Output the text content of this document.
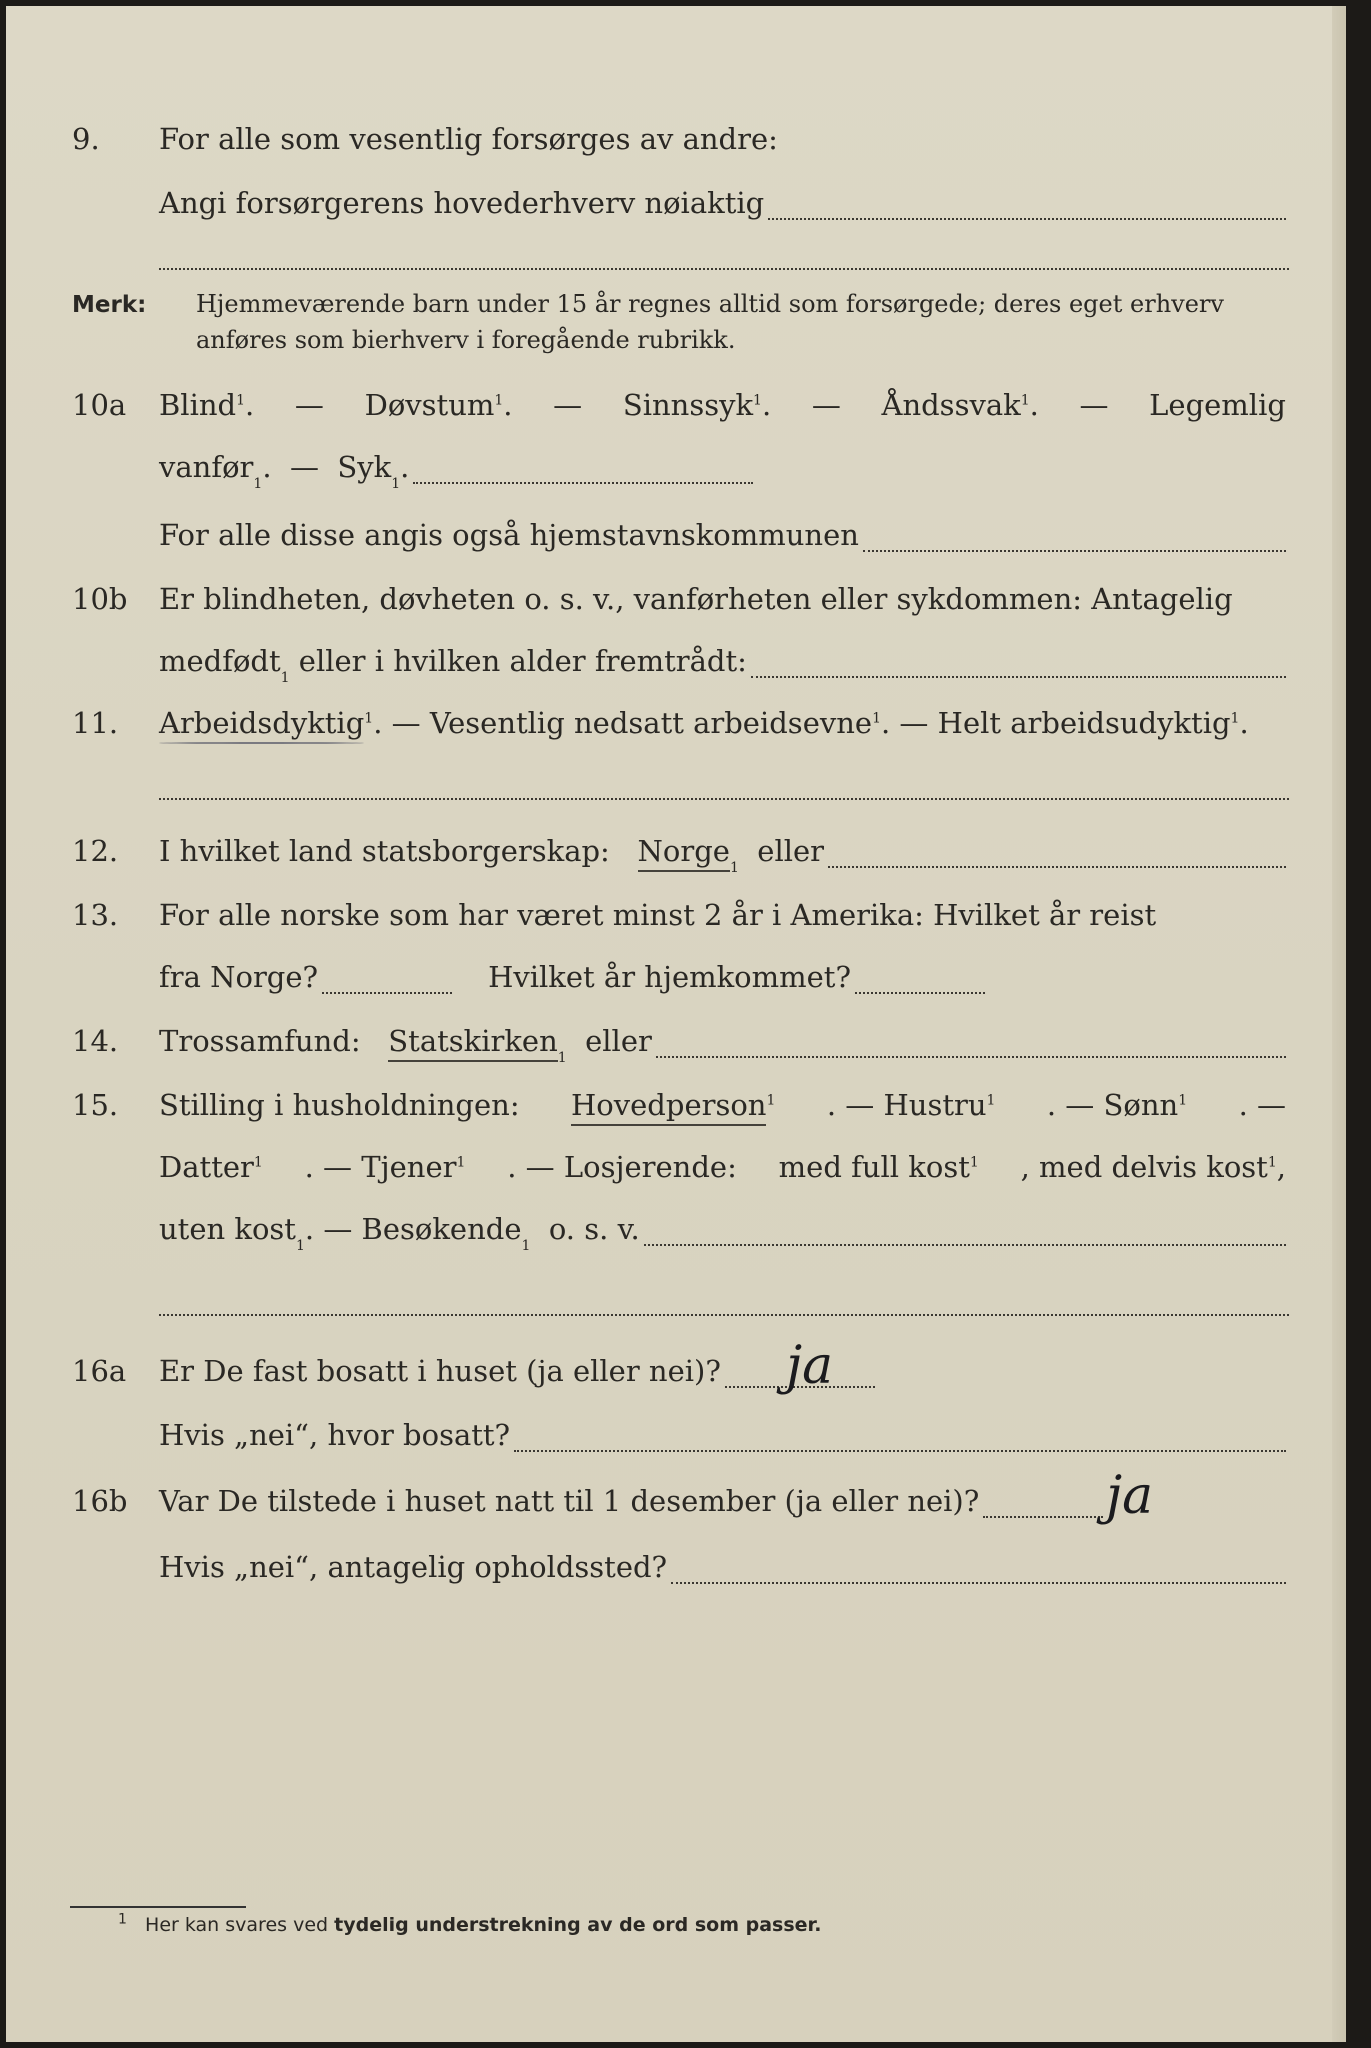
9. For alle som vesentlig forsørges av andre:
Angi forsørgerens hovederhverv nøiaktig
Merk: Hjemmeværende barn under 15 år regnes alltid som forsørgede; deres eget erhverv
anføres som bierhverv i foregående rubrikk.
10a Blind$^1$. — Døvstum$^1$. — Sinnssyk$^1$. — Åndssvak$^1$. — Legemlig
vanfør 1 .  — Syk 1 .
For alle disse angis også hjemstavnskommunen
10b Er blindheten, døvheten o. s. v., vanførheten eller sykdommen: Antagelig
medfødt 1
eller i hvilken alder fremtrådt:
11. Arbeidsdyktig$^1$. — Vesentlig nedsatt arbeidsevne$^1$. — Helt arbeidsudyktig$^1$.
12. I hvilket land statsborgerskap:
Norge 1
eller
13. For alle norske som har været minst 2 år i Amerika: Hvilket år reist
fra Norge?	Hvilket år hjemkommet?
14. Trossamfund:
Statskirken 1
eller
15. Stilling i husholdningen: Hovedperson$^1$ . — Hustru$^1$ . — Sønn$^1$ . —
Datter$^1$ . — Tjener$^1$ . — Losjerende: med full kost$^1$ , med delvis kost$^1$,
uten kost 1 . — Besøkende 1
o. s. v.
16a Er De fast bosatt i huset (ja eller nei)? ja
Hvis „nei“, hvor bosatt?
16b Var De tilstede i huset natt til 1 desember (ja eller nei)? ja
Hvis „nei“, antagelig opholdssted?
$^1$ Her kan svares ved tydelig understrekning av de ord som passer.
